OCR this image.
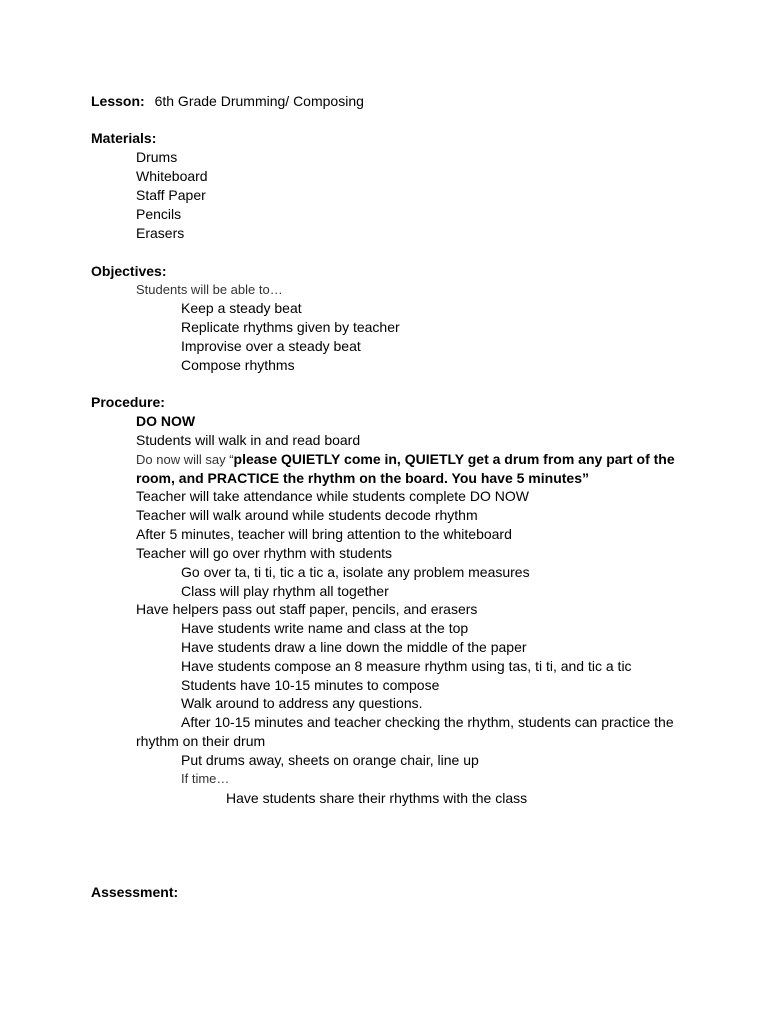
Lesson: 6th Grade Drumming/ Composing
Materials:
Drums
Whiteboard
Staff Paper
Pencils
Erasers
Objectives:
Students will be able to…
Keep a steady beat
Replicate rhythms given by teacher
Improvise over a steady beat
Compose rhythms
Procedure:
DO NOW
Students will walk in and read board
Do now will say “please QUIETLY come in, QUIETLY get a drum from any part of the
room, and PRACTICE the rhythm on the board. You have 5 minutes”
Teacher will take attendance while students complete DO NOW
Teacher will walk around while students decode rhythm
After 5 minutes, teacher will bring attention to the whiteboard
Teacher will go over rhythm with students
Go over ta, ti ti, tic a tic a, isolate any problem measures
Class will play rhythm all together
Have helpers pass out staff paper, pencils, and erasers
Have students write name and class at the top
Have students draw a line down the middle of the paper
Have students compose an 8 measure rhythm using tas, ti ti, and tic a tic
Students have 10-15 minutes to compose
Walk around to address any questions.
After 10-15 minutes and teacher checking the rhythm, students can practice the
rhythm on their drum
Put drums away, sheets on orange chair, line up
If time…
Have students share their rhythms with the class
Assessment:
